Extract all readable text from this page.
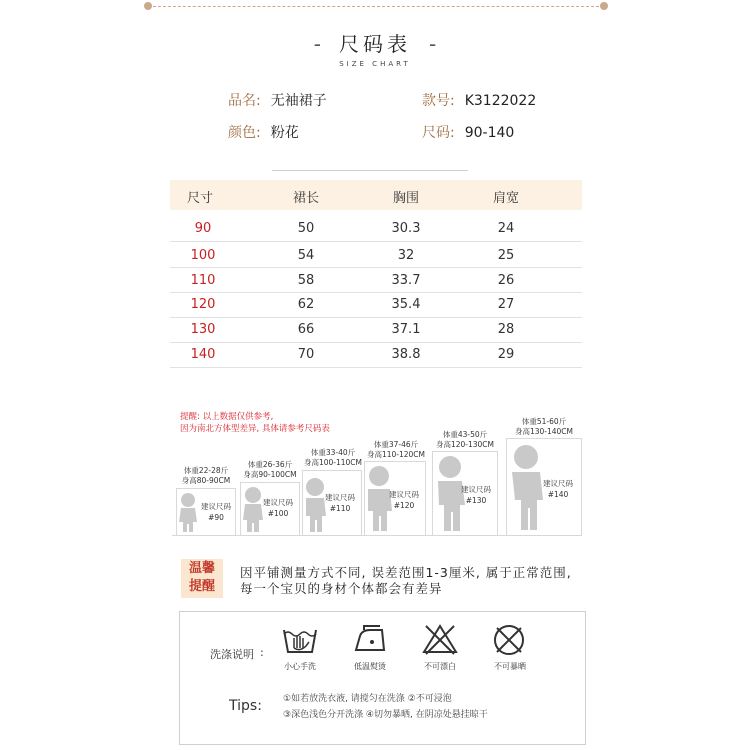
- 尺码表 -
SIZE CHART
品名: 无袖裙子	款号: K3122022
颜色: 粉花	尺码: 90-140
尺寸	裙长	胸围	肩宽
90	50	30.3	24
100	54	32	25
110	58	33.7	26
120	62	35.4	27
130	66	37.1	28
140	70	38.8	29
提醒: 以上数据仅供参考,
因为南北方体型差异, 具体请参考尺码表
体重22-28斤
身高80-90CM
建议尺码
#90
体重26-36斤
身高90-100CM
建议尺码
#100
体重33-40斤
身高100-110CM
建议尺码
#110
体重37-46斤
身高110-120CM
建议尺码
#120
体重43-50斤
身高120-130CM
建议尺码
#130
体重51-60斤
身高130-140CM
建议尺码
#140
温馨
提醒
因平铺测量方式不同, 误差范围1-3厘米, 属于正常范围,
每一个宝贝的身材个体都会有差异
洗涤说明 :
小心手洗	低温熨烫	不可漂白	不可暴晒
Tips: ①如若放洗衣液, 请搅匀在洗涤 ②不可浸泡
③深色浅色分开洗涤 ④切勿暴晒, 在阴凉处悬挂晾干
